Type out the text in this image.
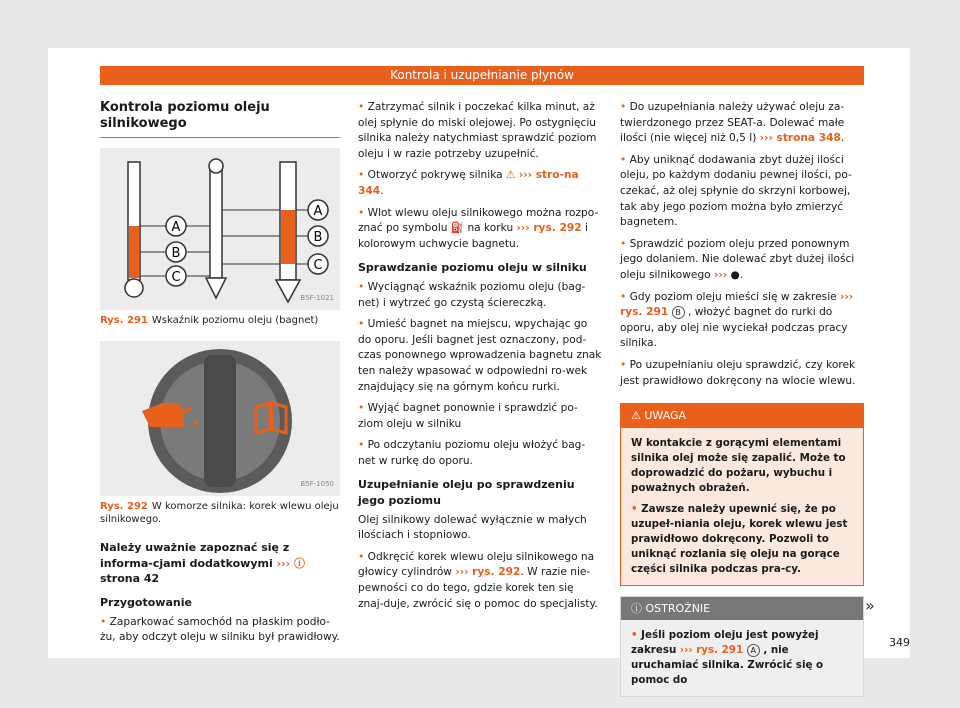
Kontrola i uzupełnianie płynów
Kontrola poziomu oleju silnikowego
A
B
C
A
B
C
B5F-1021
Rys. 291 Wskaźnik poziomu oleju (bagnet)
B5F-1050
Rys. 292 W komorze silnika: korek wlewu oleju silnikowego.

Należy uważnie zapoznać się z informa-cjami dodatkowymi ››› ⓘ strona 42

Przygotowanie

• Zaparkować samochód na płaskim podło-żu, aby odczyt oleju w silniku był prawidłowy.

• Zatrzymać silnik i poczekać kilka minut, aż olej spłynie do miski olejowej. Po ostygnięciu silnika należy natychmiast sprawdzić poziom oleju i w razie potrzeby uzupełnić.

• Otworzyć pokrywę silnika ⚠ ››› stro-na 344.

• Wlot wlewu oleju silnikowego można rozpo-znać po symbolu ⛽ na korku ››› rys. 292 i kolorowym uchwycie bagnetu.

Sprawdzanie poziomu oleju w silniku

• Wyciągnąć wskaźnik poziomu oleju (bag-net) i wytrzeć go czystą ściereczką.

• Umieść bagnet na miejscu, wpychając go do oporu. Jeśli bagnet jest oznaczony, pod-czas ponownego wprowadzenia bagnetu znak ten należy wpasować w odpowiedni ro-wek znajdujący się na górnym końcu rurki.

• Wyjąć bagnet ponownie i sprawdzić po-ziom oleju w silniku

• Po odczytaniu poziomu oleju włożyć bag-net w rurkę do oporu.

Uzupełnianie oleju po sprawdzeniu jego poziomu

Olej silnikowy dolewać wyłącznie w małych ilościach i stopniowo.

• Odkręcić korek wlewu oleju silnikowego na głowicy cylindrów ››› rys. 292. W razie nie-pewności co do tego, gdzie korek ten się znaj-duje, zwrócić się o pomoc do specjalisty.

• Do uzupełniania należy używać oleju za-twierdzonego przez SEAT-a. Dolewać małe ilości (nie więcej niż 0,5 l) ››› strona 348.

• Aby uniknąć dodawania zbyt dużej ilości oleju, po każdym dodaniu pewnej ilości, po-czekać, aż olej spłynie do skrzyni korbowej, tak aby jego poziom można było zmierzyć bagnetem.

• Sprawdzić poziom oleju przed ponownym jego dolaniem. Nie dolewać zbyt dużej ilości oleju silnikowego ››› ●.

• Gdy poziom oleju mieści się w zakresie ››› rys. 291 B , włożyć bagnet do rurki do oporu, aby olej nie wyciekał podczas pracy silnika.

• Po uzupełnianiu oleju sprawdzić, czy korek jest prawidłowo dokręcony na wlocie wlewu.

⚠ UWAGA

W kontakcie z gorącymi elementami silnika olej może się zapalić. Może to doprowadzić do pożaru, wybuchu i poważnych obrażeń.

• Zawsze należy upewnić się, że po uzupeł-niania oleju, korek wlewu jest prawidłowo dokręcony. Pozwoli to uniknąć rozlania się oleju na gorące części silnika podczas pra-cy.

ⓘ OSTROŻNIE

• Jeśli poziom oleju jest powyżej zakresu ››› rys. 291 A , nie uruchamiać silnika. Zwrócić się o pomoc do

»
349
